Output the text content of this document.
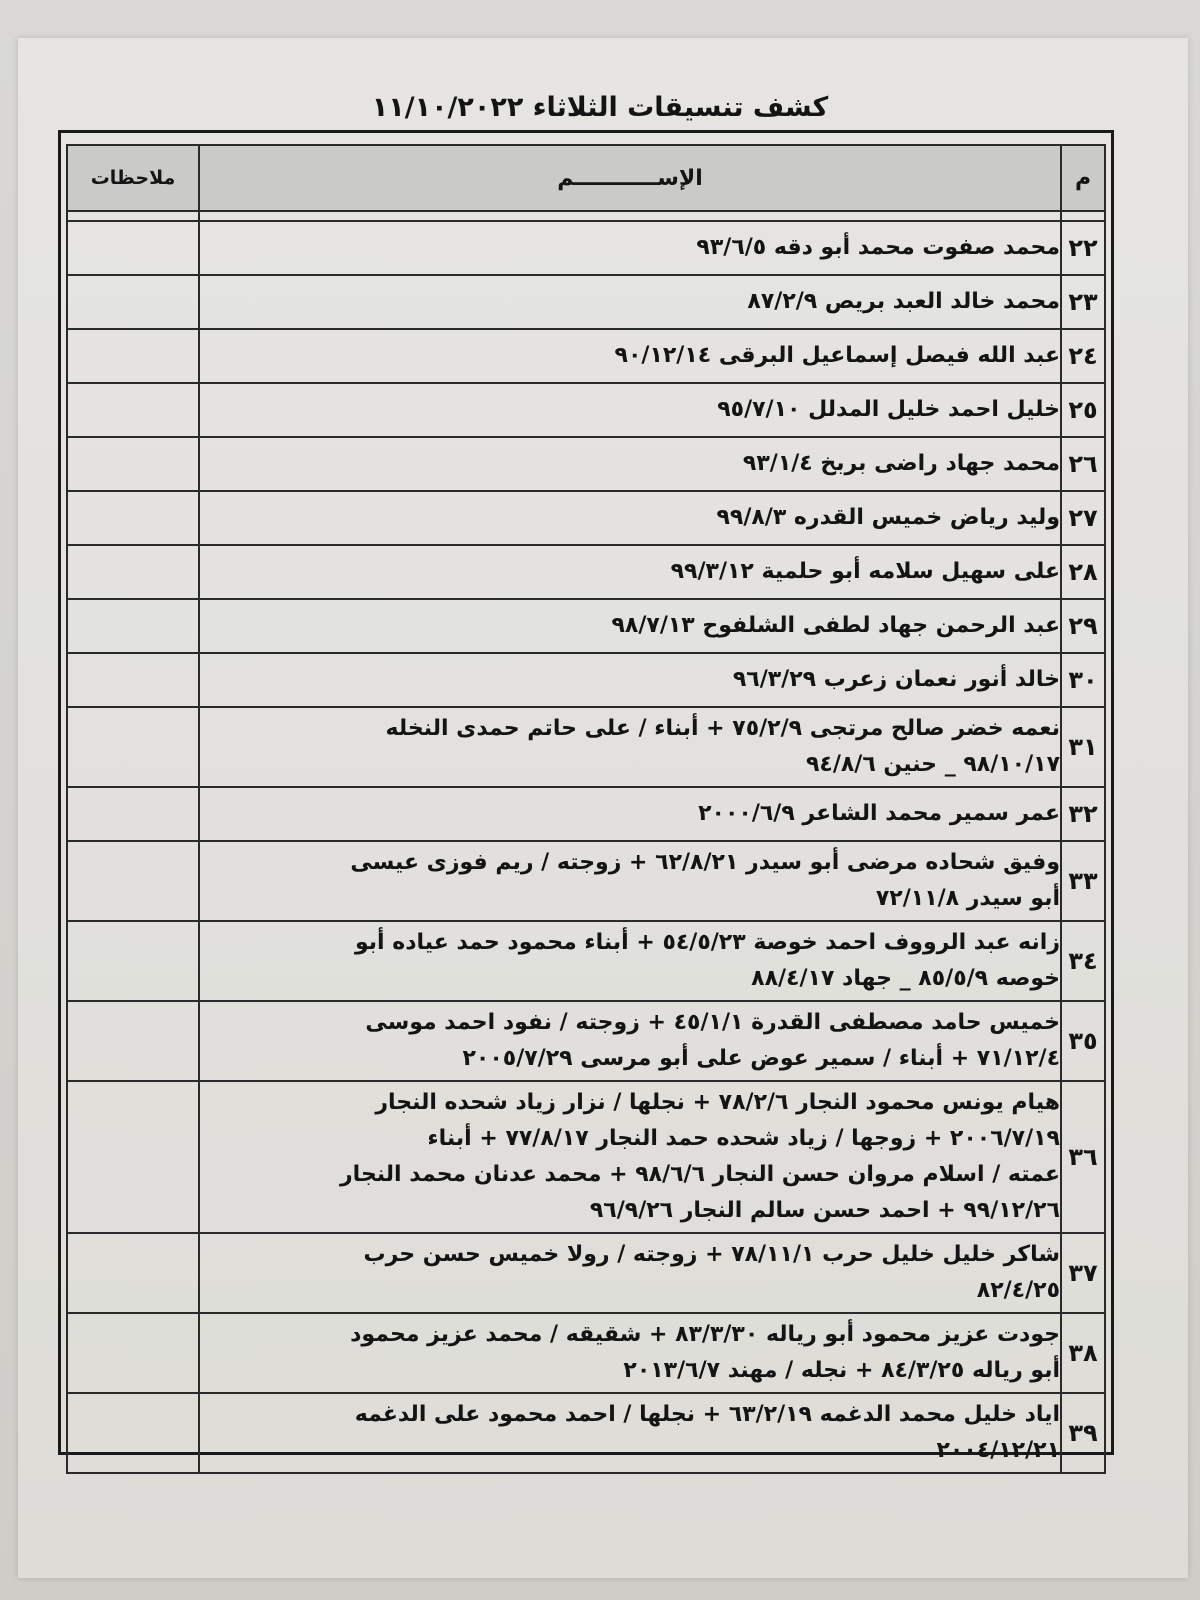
كشف تنسيقات الثلاثاء ١١/١٠/٢٠٢٢
م	الإســـــــــــم	ملاحظات

٢٢	محمد صفوت محمد أبو دقه ٩٣/٦/٥	

٢٣	محمد خالد العبد بريص ٨٧/٢/٩	

٢٤	عبد الله فيصل إسماعيل البرقى ٩٠/١٢/١٤	

٢٥	خليل احمد خليل المدلل ٩٥/٧/١٠	

٢٦	محمد جهاد راضى بربخ ٩٣/١/٤	

٢٧	وليد رياض خميس القدره ٩٩/٨/٣	

٢٨	على سهيل سلامه أبو حلمية ٩٩/٣/١٢	

٢٩	عبد الرحمن جهاد لطفى الشلفوح ٩٨/٧/١٣	

٣٠	خالد أنور نعمان زعرب ٩٦/٣/٢٩	

٣١	نعمه خضر صالح مرتجى ٧٥/٢/٩ + أبناء / على حاتم حمدى النخله
٩٨/١٠/١٧ _ حنين ٩٤/٨/٦	

٣٢	عمر سمير محمد الشاعر ٢٠٠٠/٦/٩	

٣٣	وفيق شحاده مرضى أبو سيدر ٦٢/٨/٢١ + زوجته / ريم فوزى عيسى
أبو سيدر ٧٢/١١/٨	

٣٤	زانه عبد الرووف احمد خوصة ٥٤/٥/٢٣ + أبناء محمود حمد عياده أبو
خوصه ٨٥/٥/٩ _ جهاد ٨٨/٤/١٧	

٣٥	خميس حامد مصطفى القدرة ٤٥/١/١ + زوجته / نفود احمد موسى
٧١/١٢/٤ + أبناء / سمير عوض على أبو مرسى ٢٠٠٥/٧/٢٩	

٣٦	هيام يونس محمود النجار ٧٨/٢/٦ + نجلها / نزار زياد شحده النجار
٢٠٠٦/٧/١٩ + زوجها / زياد شحده حمد النجار ٧٧/٨/١٧ + أبناء
عمته / اسلام مروان حسن النجار ٩٨/٦/٦ + محمد عدنان محمد النجار
٩٩/١٢/٢٦ + احمد حسن سالم النجار ٩٦/٩/٢٦	

٣٧	شاكر خليل خليل حرب ٧٨/١١/١ + زوجته / رولا خميس حسن حرب
٨٢/٤/٢٥	

٣٨	جودت عزيز محمود أبو رياله ٨٣/٣/٣٠ + شقيقه / محمد عزيز محمود
أبو رياله ٨٤/٣/٢٥ + نجله / مهند ٢٠١٣/٦/٧	

٣٩	اياد خليل محمد الدغمه ٦٣/٢/١٩ + نجلها / احمد محمود على الدغمه
٢٠٠٤/١٢/٢١	
